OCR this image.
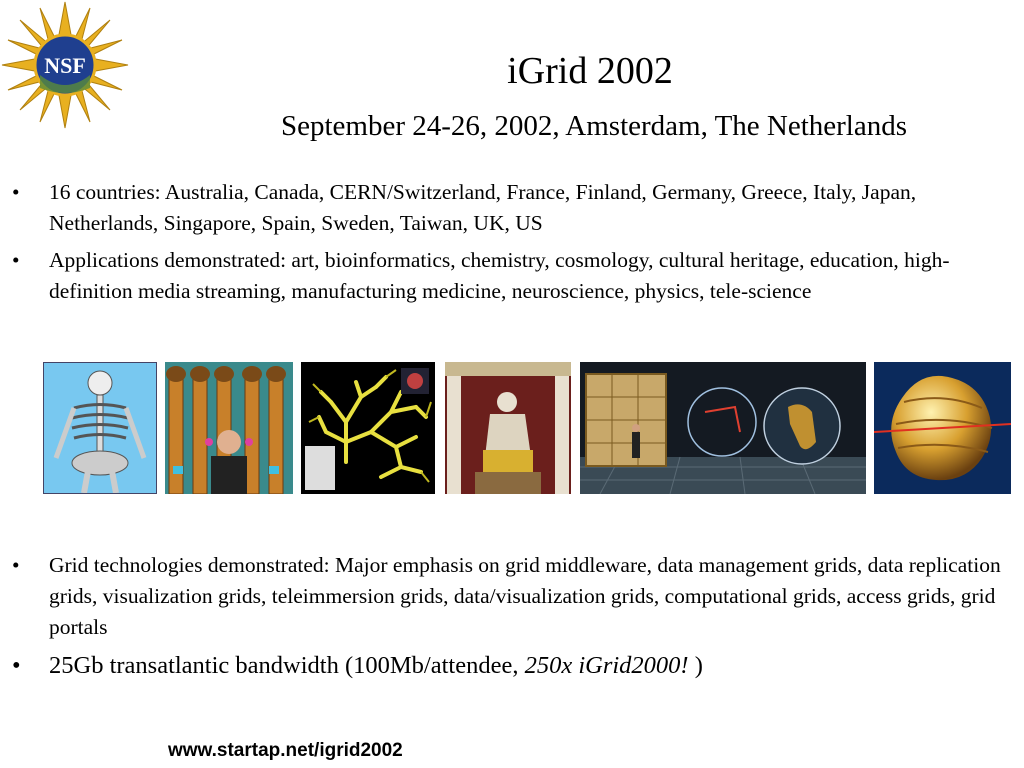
NSF	iGrid 2002
September 24-26, 2002, Amsterdam, The Netherlands
• 16 countries: Australia, Canada, CERN/Switzerland, France, Finland, Germany, Greece, Italy, Japan, Netherlands, Singapore, Spain, Sweden, Taiwan, UK, US
• Applications demonstrated: art, bioinformatics, chemistry, cosmology, cultural heritage, education, high-definition media streaming, manufacturing medicine, neuroscience, physics, tele-science
• Grid technologies demonstrated: Major emphasis on grid middleware, data management grids, data replication grids, visualization grids, teleimmersion grids, data/visualization grids, computational grids, access grids, grid portals
• 25Gb transatlantic bandwidth (100Mb/attendee, 250x iGrid2000! )
www.startap.net/igrid2002
